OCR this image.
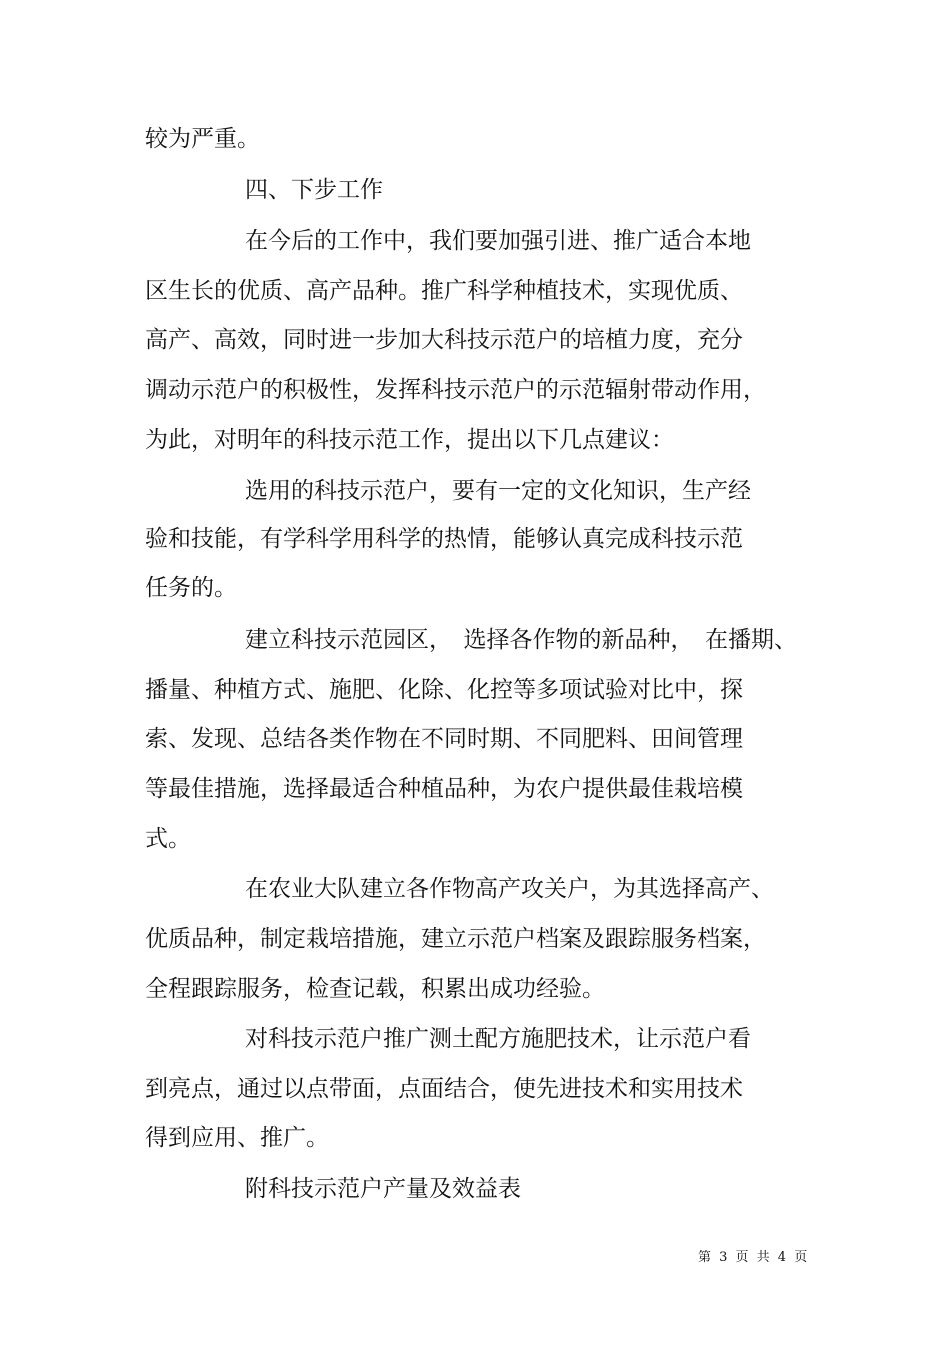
较为严重。
四、下步工作
在今后的工作中，我们要加强引进、推广适合本地
区生长的优质、高产品种。推广科学种植技术，实现优质、
高产、高效，同时进一步加大科技示范户的培植力度，充分
调动示范户的积极性，发挥科技示范户的示范辐射带动作用，
为此，对明年的科技示范工作，提出以下几点建议：
选用的科技示范户，要有一定的文化知识，生产经
验和技能，有学科学用科学的热情，能够认真完成科技示范
任务的。
建立科技示范园区，　选择各作物的新品种，　在播期、
播量、种植方式、施肥、化除、化控等多项试验对比中，探
索、发现、总结各类作物在不同时期、不同肥料、田间管理
等最佳措施，选择最适合种植品种，为农户提供最佳栽培模
式。
在农业大队建立各作物高产攻关户，为其选择高产、
优质品种，制定栽培措施，建立示范户档案及跟踪服务档案，
全程跟踪服务，检查记载，积累出成功经验。
对科技示范户推广测土配方施肥技术，让示范户看
到亮点，通过以点带面，点面结合，使先进技术和实用技术
得到应用、推广。
附科技示范户产量及效益表
第 3 页 共 4 页
